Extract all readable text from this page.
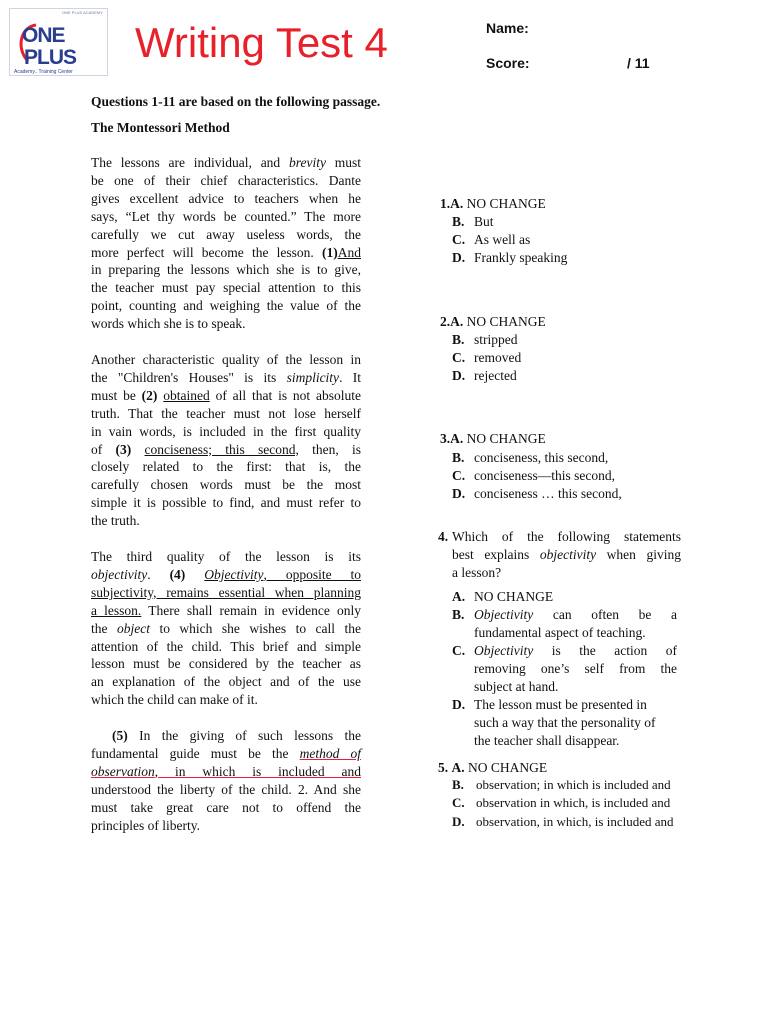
ONE PLUS ACADEMY
ONE
PLUS
Academy.. Training Center
Writing Test 4	Name:
Score:	/ 11
Questions 1-11 are based on the following passage.
The Montessori Method
The lessons are individual, and brevity must
be one of their chief characteristics. Dante
gives excellent advice to teachers when he
says, “Let thy words be counted.” The more
carefully we cut away useless words, the
more perfect will become the lesson. (1)And
in preparing the lessons which she is to give,
the teacher must pay special attention to this
point, counting and weighing the value of the
words which she is to speak.
Another characteristic quality of the lesson in
the "Children's Houses" is its simplicity. It
must be (2) obtained of all that is not absolute
truth. That the teacher must not lose herself
in vain words, is included in the first quality
of (3) conciseness; this second, then, is
closely related to the first: that is, the
carefully chosen words must be the most
simple it is possible to find, and must refer to
the truth.
The third quality of the lesson is its
objectivity. (4) Objectivity, opposite to
subjectivity, remains essential when planning
a lesson. There shall remain in evidence only
the object to which she wishes to call the
attention of the child. This brief and simple
lesson must be considered by the teacher as
an explanation of the object and of the use
which the child can make of it.
(5) In the giving of such lessons the
fundamental guide must be the method of
observation, in which is included and
understood the liberty of the child. 2. And she
must take great care not to offend the
principles of liberty.
1.A. NO CHANGE
B. But
C. As well as
D. Frankly speaking
2.A. NO CHANGE
B. stripped
C. removed
D. rejected
3.A. NO CHANGE
B. conciseness, this second,
C. conciseness—this second,
D. conciseness … this second,
4. Which of the following statements
best explains objectivity when giving
a lesson?
A. NO CHANGE
B. Objectivity can often be a
fundamental aspect of teaching.
C. Objectivity is the action of
removing one’s self from the
subject at hand.
D. The lesson must be presented in
such a way that the personality of
the teacher shall disappear.
5. A. NO CHANGE
B. observation; in which is included and
C. observation in which, is included and
D. observation, in which, is included and
